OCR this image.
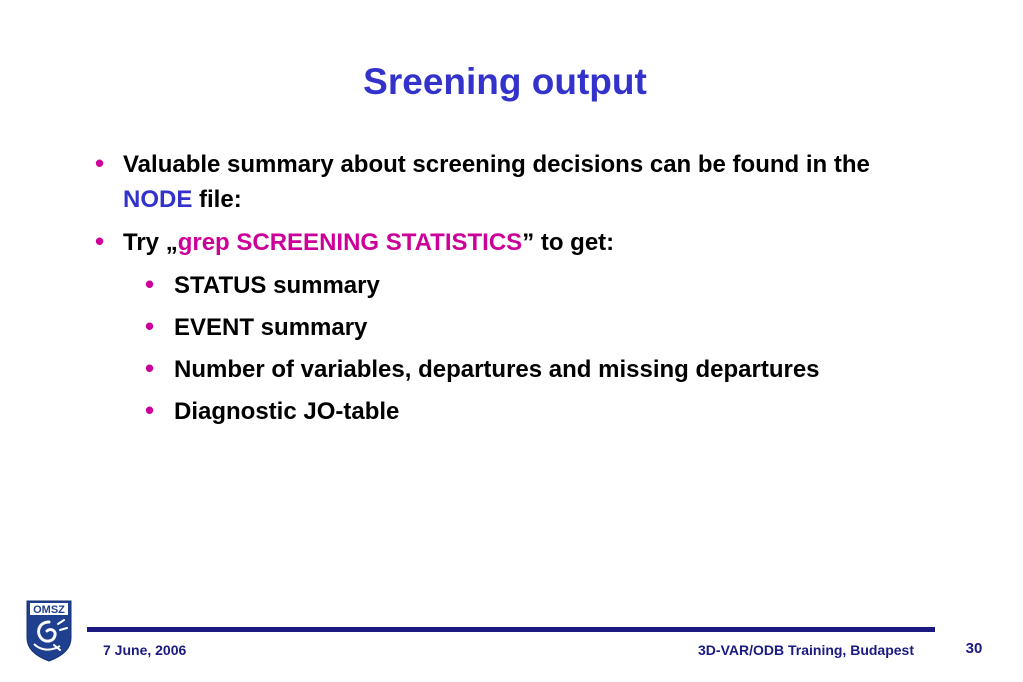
Sreening output
• Valuable summary about screening decisions can be found in the NODE file:
• Try „grep SCREENING STATISTICS” to get:
• STATUS summary
• EVENT summary
• Number of variables, departures and missing departures
• Diagnostic JO-table
OMSZ
7 June, 2006	3D-VAR/ODB Training, Budapest	30
